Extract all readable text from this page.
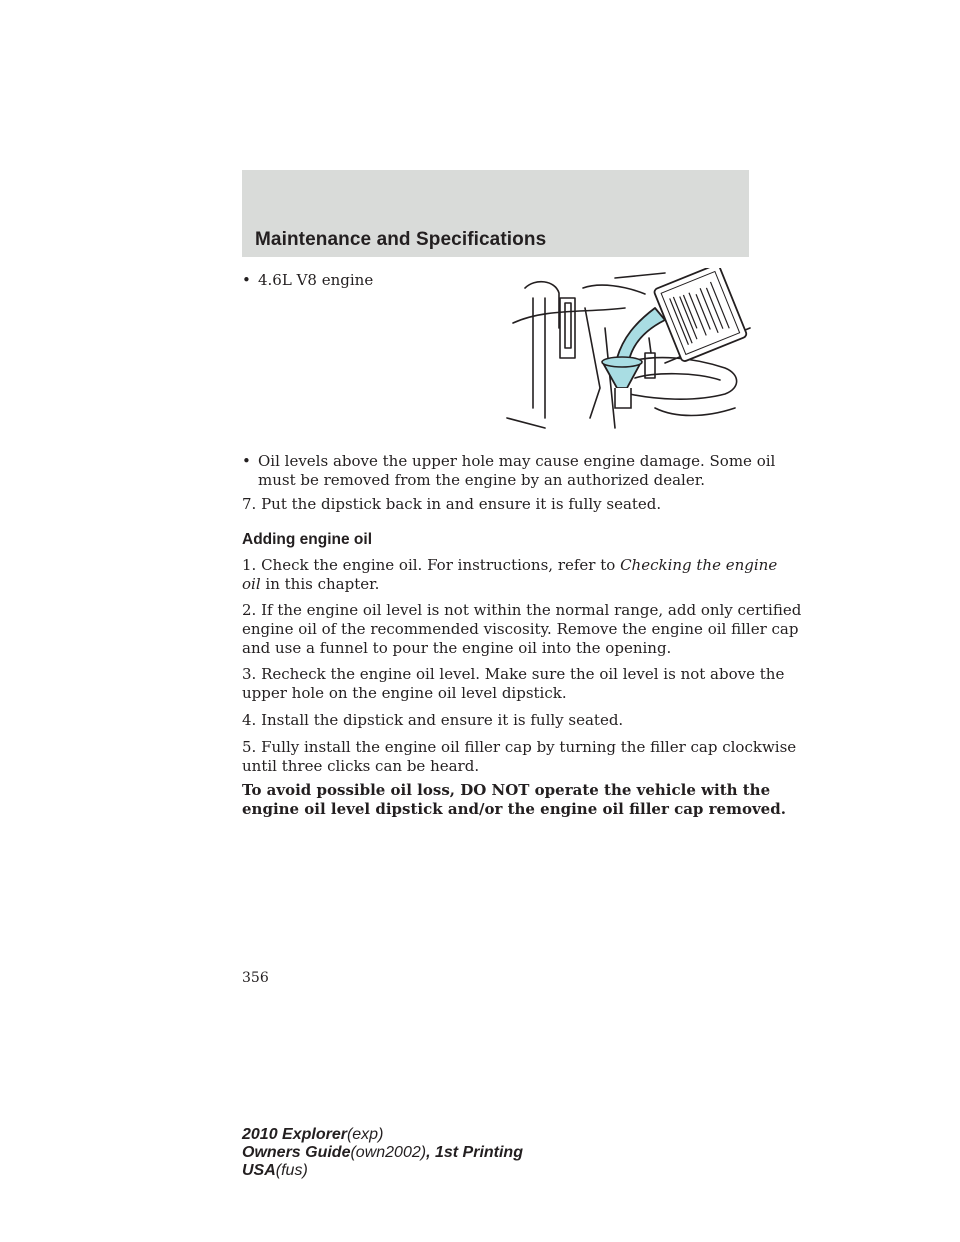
Maintenance and Specifications
• 4.6L V8 engine
• Oil levels above the upper hole may cause engine damage. Some oil
must be removed from the engine by an authorized dealer.
7. Put the dipstick back in and ensure it is fully seated.
Adding engine oil
1. Check the engine oil. For instructions, refer to Checking the engine
oil in this chapter.
2. If the engine oil level is not within the normal range, add only certified
engine oil of the recommended viscosity. Remove the engine oil filler cap
and use a funnel to pour the engine oil into the opening.
3. Recheck the engine oil level. Make sure the oil level is not above the
upper hole on the engine oil level dipstick.
4. Install the dipstick and ensure it is fully seated.
5. Fully install the engine oil filler cap by turning the filler cap clockwise
until three clicks can be heard.
To avoid possible oil loss, DO NOT operate the vehicle with the
engine oil level dipstick and/or the engine oil filler cap removed.
356
2010 Explorer(exp)
Owners Guide(own2002), 1st Printing
USA(fus)
